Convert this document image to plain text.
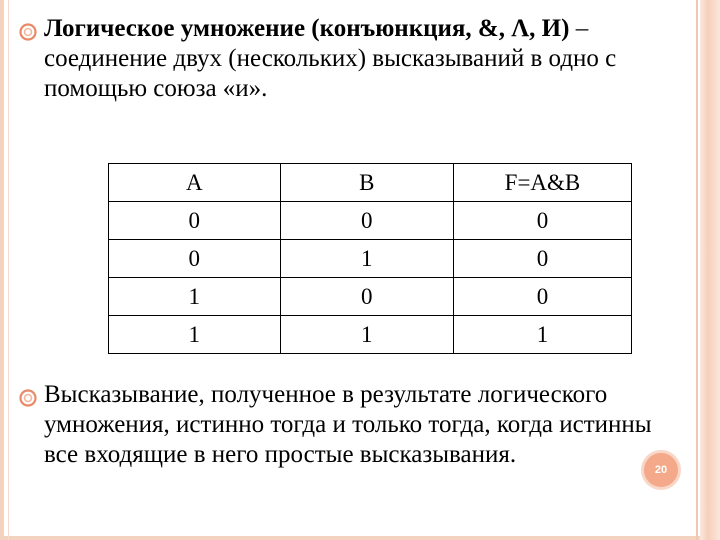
Логическое умножение (конъюнкция, &, Λ, И) – соединение двух (нескольких) высказываний в одно с помощью союза «и».
A	B	F=A&B
0	0	0
0	1	0
1	0	0
1	1	1
Высказывание, полученное в результате логического умножения, истинно тогда и только тогда, когда истинны все входящие в него простые высказывания.
20
